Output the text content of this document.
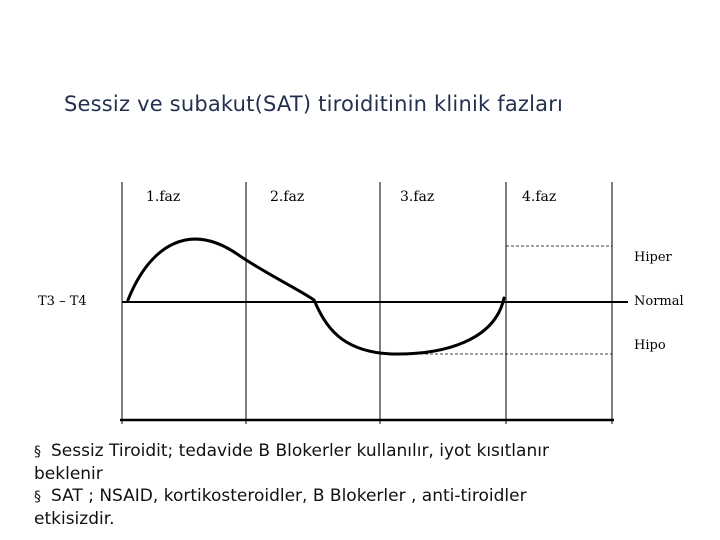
Sessiz ve subakut(SAT) tiroiditinin klinik fazları
1.faz	2.faz	3.faz	4.faz
Hiper
Normal
Hipo
T3 – T4
§ Sessiz Tiroidit; tedavide B Blokerler kullanılır, iyot kısıtlanır
beklenir
§ SAT ; NSAID, kortikosteroidler, B Blokerler , anti-tiroidler
etkisizdir.
